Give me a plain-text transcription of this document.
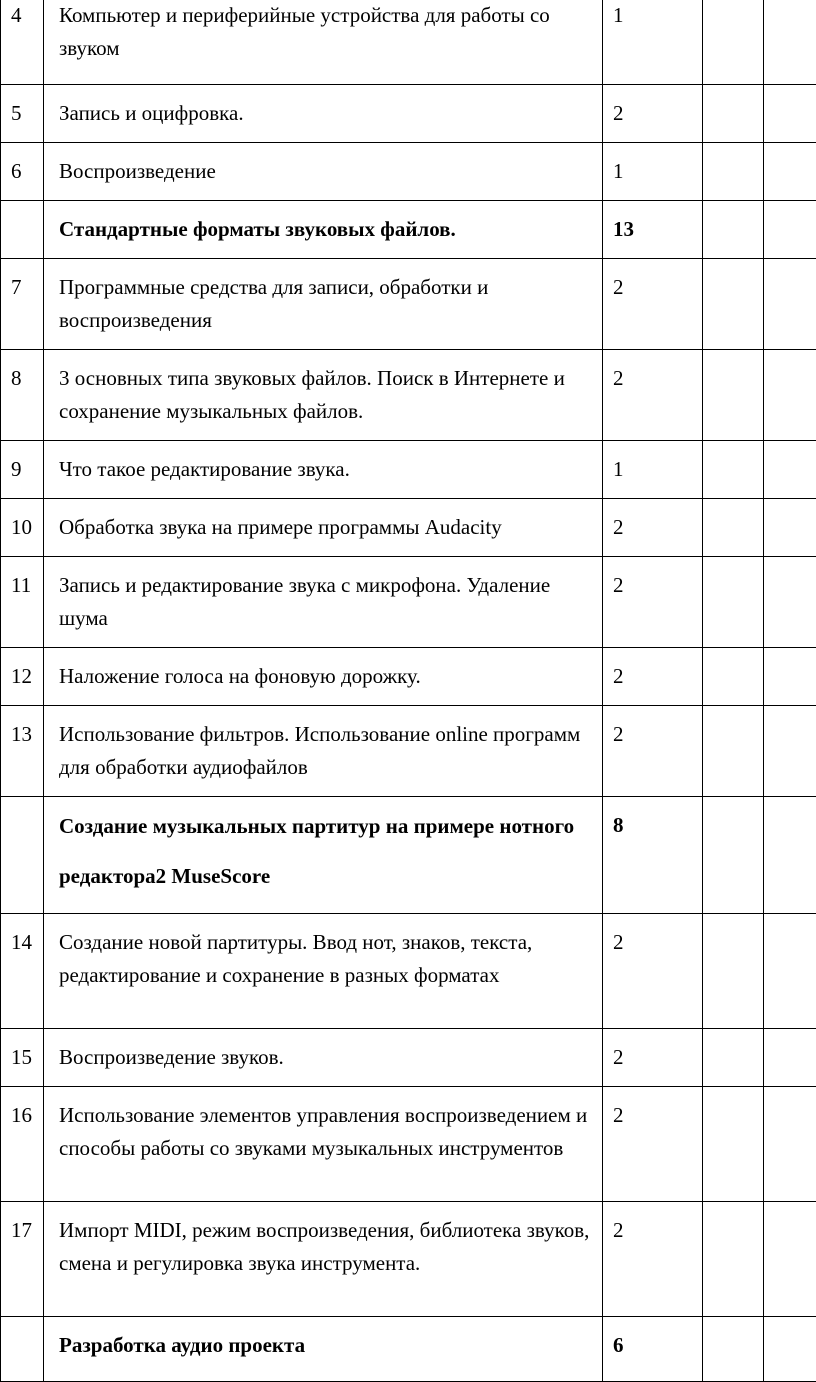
4	Компьютер и периферийные устройства для работы со звуком	1		
5	Запись и оцифровка.	2		
6	Воспроизведение	1		
	Стандартные форматы звуковых файлов.	13		
7	Программные средства для записи, обработки и воспроизведения	2		
8	3 основных типа звуковых файлов. Поиск в Интернете и сохранение музыкальных файлов.	2		
9	Что такое редактирование звука.	1		
10	Обработка звука на примере программы Audacity	2		
11	Запись и редактирование звука с микрофона. Удаление шума	2		
12	Наложение голоса на фоновую дорожку.	2		
13	Использование фильтров. Использование online программ для обработки аудиофайлов	2		
	Создание музыкальных партитур на примере нотного редактора2 MuseScore	8		
14	Создание новой партитуры. Ввод нот, знаков, текста, редактирование и сохранение в разных форматах	2		
15	Воспроизведение звуков.	2		
16	Использование элементов управления воспроизведением и способы работы со звуками музыкальных инструментов	2		
17	Импорт MIDI, режим воспроизведения, библиотека звуков, смена и регулировка звука инструмента.	2		
	Разработка аудио проекта	6		
